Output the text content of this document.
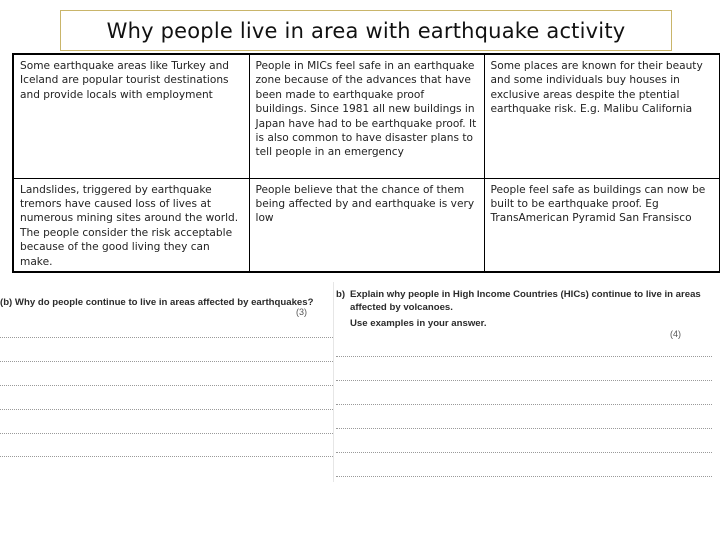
Why people live in area with earthquake activity
Some earthquake areas like Turkey and Iceland are popular tourist destinations and provide locals with employment	People in MICs feel safe in an earthquake zone because of the advances that have been made to earthquake proof buildings. Since 1981 all new buildings in Japan have had to be earthquake proof. It is also common to have disaster plans to tell people in an emergency	Some places are known for their beauty and some individuals buy houses in exclusive areas despite the ptential earthquake risk. E.g. Malibu California
Landslides, triggered by earthquake tremors have caused loss of lives at numerous mining sites around the world. The people consider the risk acceptable because of the good living they can make.	People believe that the chance of them being affected by and earthquake is very low	People feel safe as buildings can now be built to be earthquake proof. Eg TransAmerican Pyramid San Fransisco
(b) Why do people continue to live in areas affected by earthquakes?
(3)
b) Explain why people in High Income Countries (HICs) continue to live in areas
affected by volcanoes.
Use examples in your answer.
(4)
